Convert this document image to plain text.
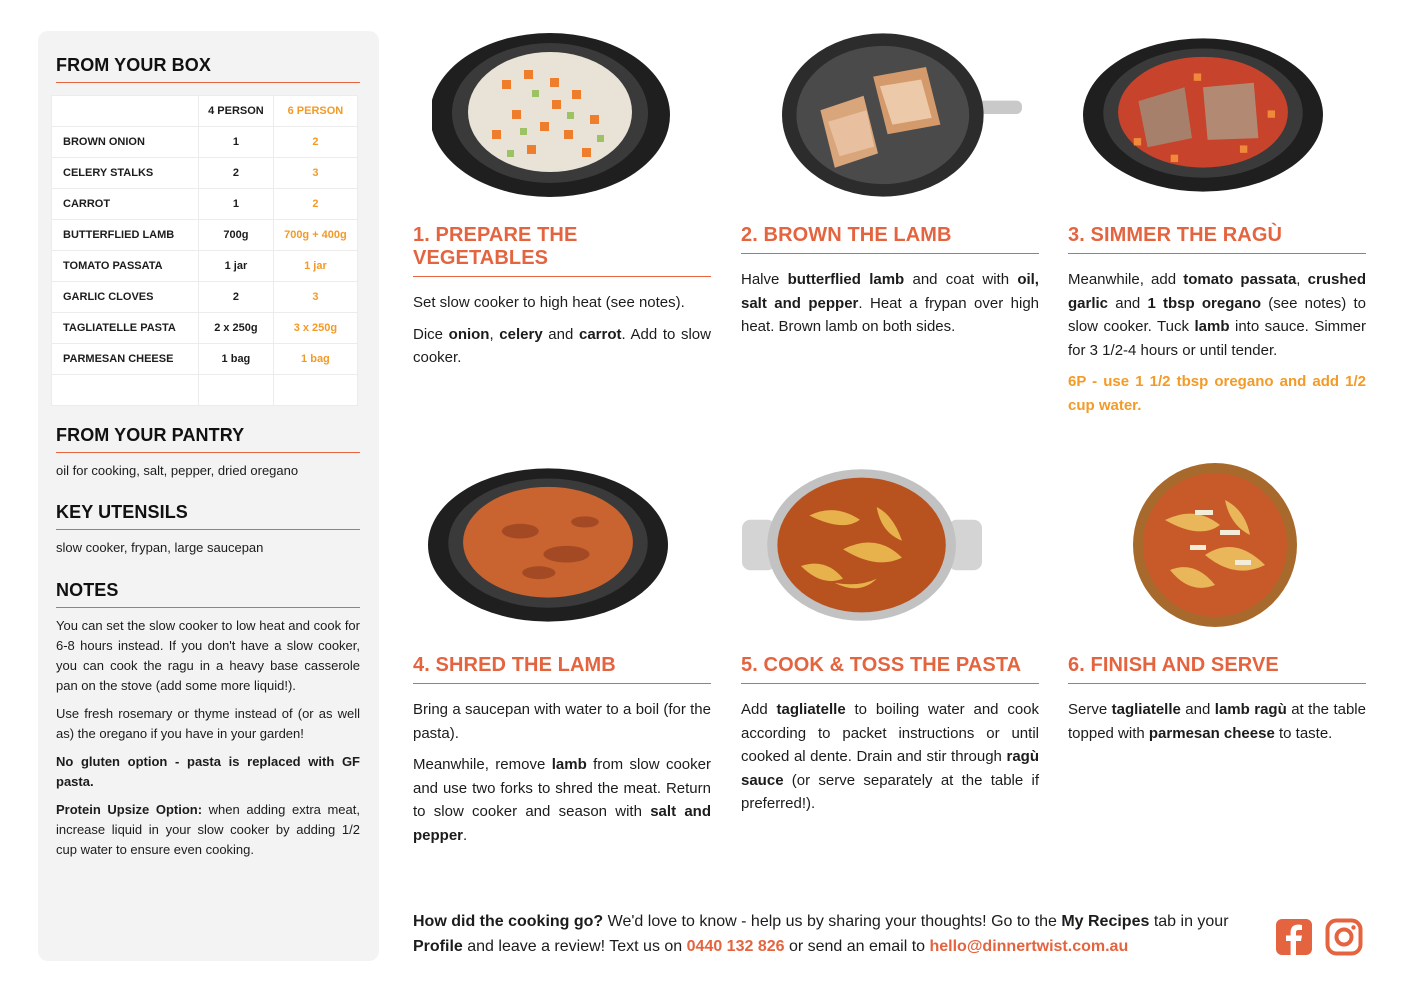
FROM YOUR BOX
	4 PERSON	6 PERSON
BROWN ONION	1	2
CELERY STALKS	2	3
CARROT	1	2
BUTTERFLIED LAMB	700g	700g + 400g
TOMATO PASSATA	1 jar	1 jar
GARLIC CLOVES	2	3
TAGLIATELLE PASTA	2 x 250g	3 x 250g
PARMESAN CHEESE	1 bag	1 bag

FROM YOUR PANTRY
oil for cooking, salt, pepper, dried oregano
KEY UTENSILS
slow cooker, frypan, large saucepan
NOTES

You can set the slow cooker to low heat and cook for 6-8 hours instead. If you don't have a slow cooker, you can cook the ragu in a heavy base casserole pan on the stove (add some more liquid!).

Use fresh rosemary or thyme instead of (or as well as) the oregano if you have in your garden!

No gluten option - pasta is replaced with GF pasta.

Protein Upsize Option: when adding extra meat, increase liquid in your slow cooker by adding 1/2 cup water to ensure even cooking.

1. PREPARE THE VEGETABLES

Set slow cooker to high heat (see notes).

Dice onion, celery and carrot. Add to slow cooker.

2. BROWN THE LAMB

Halve butterflied lamb and coat with oil, salt and pepper. Heat a frypan over high heat. Brown lamb on both sides.

3. SIMMER THE RAGÙ

Meanwhile, add tomato passata, crushed garlic and 1 tbsp oregano (see notes) to slow cooker. Tuck lamb into sauce. Simmer for 3 1/2-4 hours or until tender.

6P - use 1 1/2 tbsp oregano and add 1/2 cup water.

4. SHRED THE LAMB

Bring a saucepan with water to a boil (for the pasta).

Meanwhile, remove lamb from slow cooker and use two forks to shred the meat. Return to slow cooker and season with salt and pepper.

5. COOK & TOSS THE PASTA

Add tagliatelle to boiling water and cook according to packet instructions or until cooked al dente. Drain and stir through ragù sauce (or serve separately at the table if preferred!).

6. FINISH AND SERVE

Serve tagliatelle and lamb ragù at the table topped with parmesan cheese to taste.

How did the cooking go? We'd love to know - help us by sharing your thoughts! Go to the My Recipes tab in your Profile and leave a review! Text us on 0440 132 826 or send an email to hello@dinnertwist.com.au
